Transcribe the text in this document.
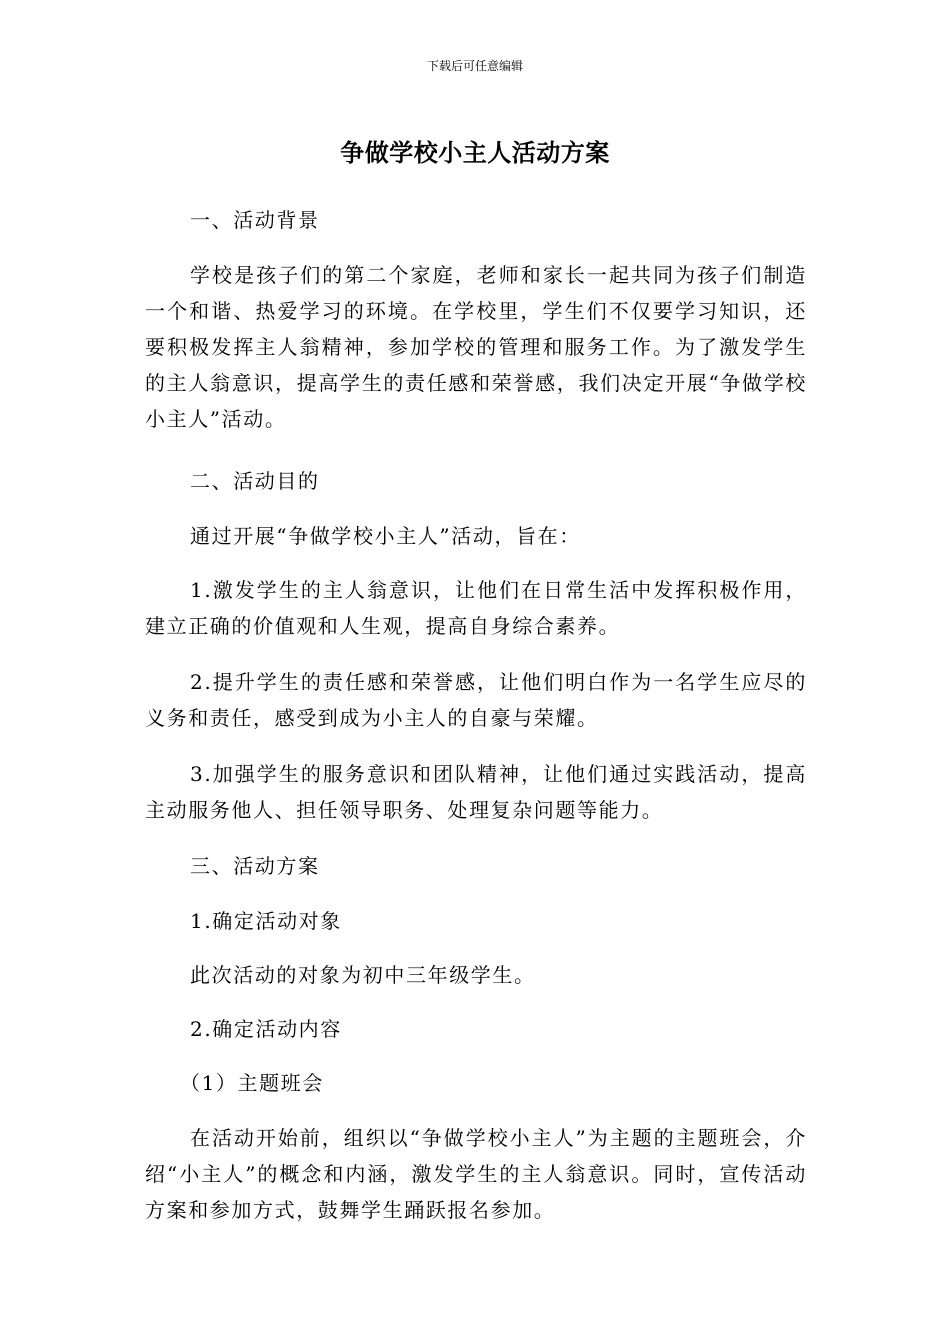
下载后可任意编辑
争做学校小主人活动方案

一、活动背景

学校是孩子们的第二个家庭，老师和家长一起共同为孩子们制造一个和谐、热爱学习的环境。在学校里，学生们不仅要学习知识，还要积极发挥主人翁精神，参加学校的管理和服务工作。为了激发学生的主人翁意识，提高学生的责任感和荣誉感，我们决定开展“争做学校小主人”活动。

二、活动目的

通过开展“争做学校小主人”活动，旨在：

1.激发学生的主人翁意识，让他们在日常生活中发挥积极作用，建立正确的价值观和人生观，提高自身综合素养。

2.提升学生的责任感和荣誉感，让他们明白作为一名学生应尽的义务和责任，感受到成为小主人的自豪与荣耀。

3.加强学生的服务意识和团队精神，让他们通过实践活动，提高主动服务他人、担任领导职务、处理复杂问题等能力。

三、活动方案

1.确定活动对象

此次活动的对象为初中三年级学生。

2.确定活动内容

（1）主题班会

在活动开始前，组织以“争做学校小主人”为主题的主题班会，介绍“小主人”的概念和内涵，激发学生的主人翁意识。同时，宣传活动方案和参加方式，鼓舞学生踊跃报名参加。
